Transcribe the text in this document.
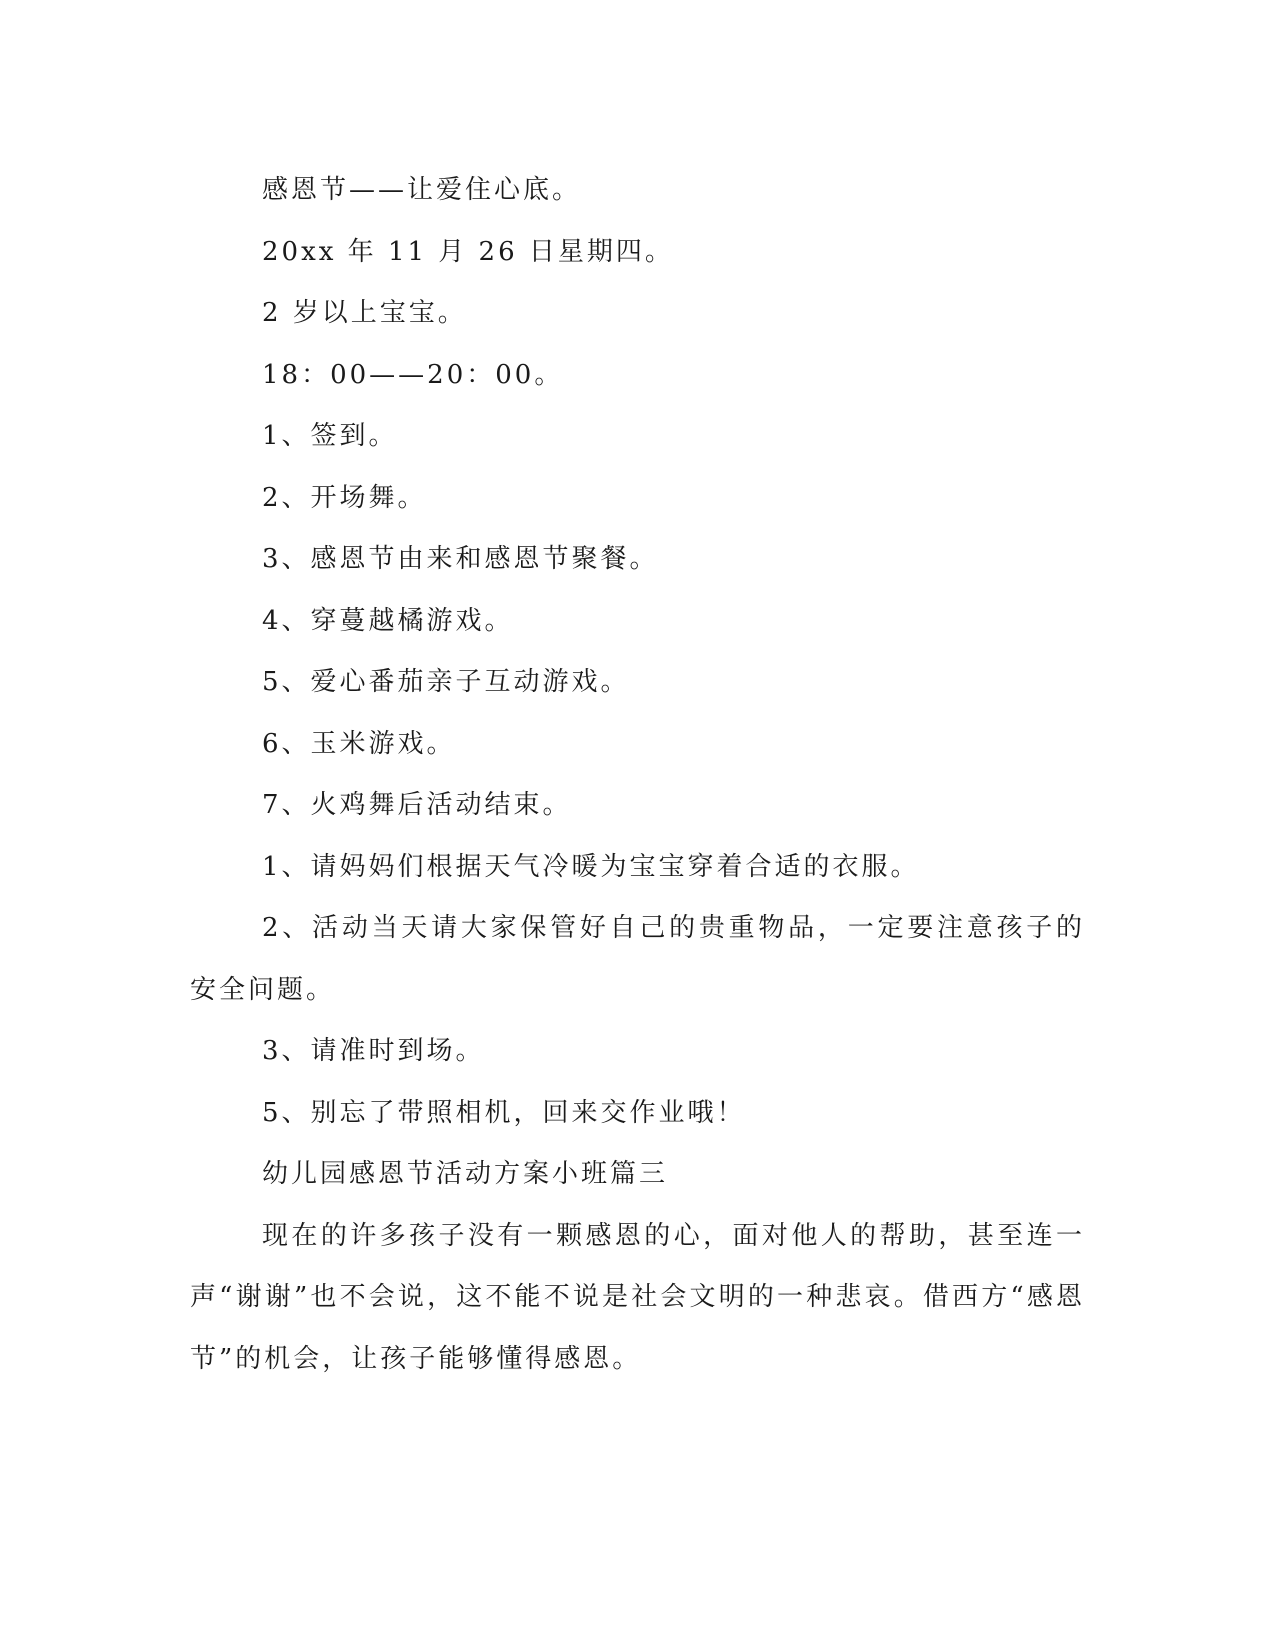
感恩节——让爱住心底。

20xx 年 11 月 26 日星期四。

2 岁以上宝宝。

18：00——20：00。

1、签到。

2、开场舞。

3、感恩节由来和感恩节聚餐。

4、穿蔓越橘游戏。

5、爱心番茄亲子互动游戏。

6、玉米游戏。

7、火鸡舞后活动结束。

1、请妈妈们根据天气冷暖为宝宝穿着合适的衣服。

2、活动当天请大家保管好自己的贵重物品，一定要注意孩子的安全问题。

3、请准时到场。

5、别忘了带照相机，回来交作业哦！

幼儿园感恩节活动方案小班篇三

现在的许多孩子没有一颗感恩的心，面对他人的帮助，甚至连一声“谢谢”也不会说，这不能不说是社会文明的一种悲哀。借西方“感恩节”的机会，让孩子能够懂得感恩。
